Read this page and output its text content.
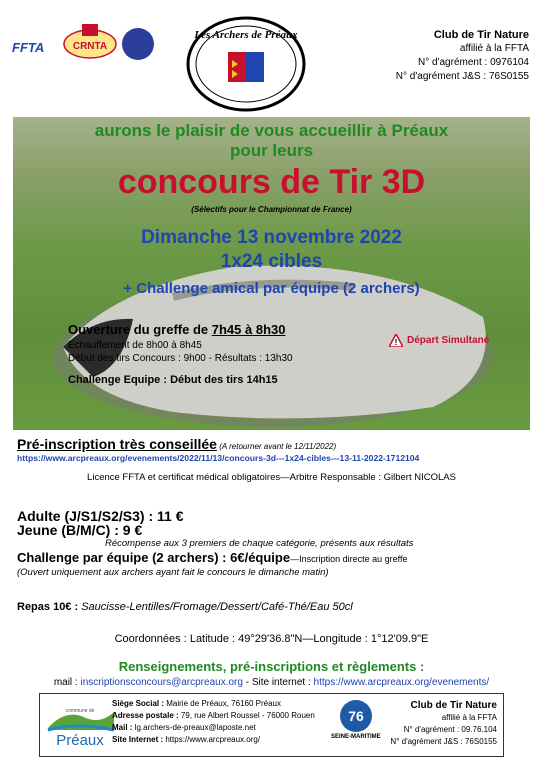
FFTA	CRNTA
Les Archers de Préaux	Club de Tir Nature
affilié à la FFTA
N° d'agrément : 0976104
N° d'agrément J&S : 76S0155
aurons le plaisir de vous accueillir à Préaux
pour leurs
concours de Tir 3D
(Sélectifs pour le Championnat de France)
Dimanche 13 novembre 2022
1x24 cibles
+ Challenge amical par équipe (2 archers)
Ouverture du greffe de 7h45 à 8h30
Echauffement de 8h00 à 8h45
Début des tirs Concours : 9h00 - Résultats : 13h30
Challenge Equipe : Début des tirs 14h15
! Départ Simultané
Pré-inscription très conseillée (A retourner avant le 12/11/2022)
https://www.arcpreaux.org/evenements/2022/11/13/concours-3d---1x24-cibles---13-11-2022-1712104
Licence FFTA et certificat médical obligatoires—Arbitre Responsable : Gilbert NICOLAS
Adulte (J/S1/S2/S3) : 11 €
Jeune (B/M/C) : 9 €
Récompense aux 3 premiers de chaque catégorie, présents aux résultats
Challenge par équipe (2 archers) : 6€/équipe—Inscription directe au greffe
(Ouvert uniquement aux archers ayant fait le concours le dimanche matin)
Repas 10€ : Saucisse-Lentilles/Fromage/Dessert/Café-Thé/Eau 50cl
Coordonnées : Latitude : 49°29'36.8"N—Longitude : 1°12'09.9"E
Renseignements, pré-inscriptions et règlements :
mail : inscriptionsconcours@arcpreaux.org - Site internet : https://www.arcpreaux.org/evenements/
commune de
Préaux
Siège Social : Mairie de Préaux, 76160 Préaux
Adresse postale : 79, rue Albert Roussel - 76000 Rouen
Mail : lg.archers-de-preaux@laposte.net
Site Internet : https://www.arcpreaux.org/
76
SEINE-MARITIME
Club de Tir Nature
affilié à la FFTA
N° d'agrément : 09.76.104
N° d'agrément J&S : 76S0155
